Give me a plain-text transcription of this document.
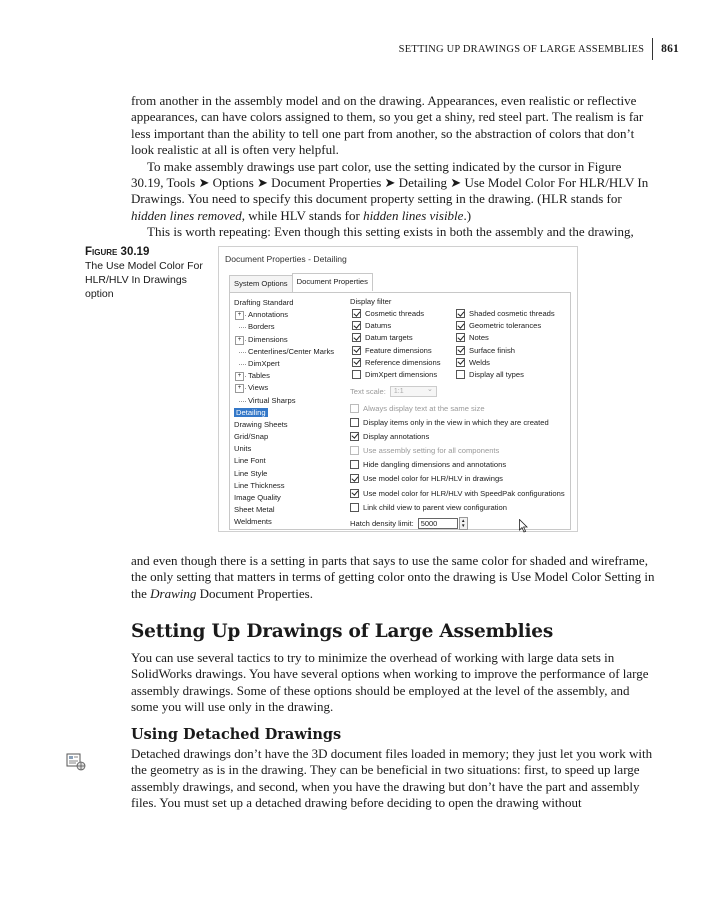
SETTING UP DRAWINGS OF LARGE ASSEMBLIES 861

from another in the assembly model and on the drawing. Appearances, even realistic or reflective appearances, can have colors assigned to them, so you get a shiny, red steel part. The realism is far less important than the ability to tell one part from another, so the abstraction of colors that don’t look realistic at all is often very helpful.

To make assembly drawings use part color, use the setting indicated by the cursor in Figure 30.19, Tools ➤ Options ➤ Document Properties ➤ Detailing ➤ Use Model Color For HLR/HLV In Drawings. You need to specify this document property setting in the drawing. (HLR stands for hidden lines removed, while HLV stands for hidden lines visible.)

This is worth repeating: Even though this setting exists in both the assembly and the drawing,

Figure 30.19
The Use Model Color For HLR/HLV In Drawings option
Document Properties - Detailing
System Options	Document Properties
Drafting Standard
+ Annotations
Borders
+ Dimensions
Centerlines/Center Marks
DimXpert
+ Tables
+ Views
Virtual Sharps
Detailing
Drawing Sheets
Grid/Snap
Units
Line Font
Line Style
Line Thickness
Image Quality
Sheet Metal
Weldments
Display filter
Cosmetic threads	Shaded cosmetic threads
Datums	Geometric tolerances
Datum targets	Notes
Feature dimensions	Surface finish
Reference dimensions	Welds
DimXpert dimensions	Display all types
Text scale:	1:1 ⌄
Always display text at the same size
Display items only in the view in which they are created
Display annotations
Use assembly setting for all components
Hide dangling dimensions and annotations
Use model color for HLR/HLV in drawings
Use model color for HLR/HLV with SpeedPak configurations
Link child view to parent view configuration
Hatch density limit: 5000	▲
▼

and even though there is a setting in parts that says to use the same color for shaded and wireframe, the only setting that matters in terms of getting color onto the drawing is Use Model Color Setting in the Drawing Document Properties.

Setting Up Drawings of Large Assemblies

You can use several tactics to try to minimize the overhead of working with large data sets in SolidWorks drawings. You have several options when working to improve the performance of large assembly drawings. Some of these options should be employed at the level of the assembly, and some you will use only in the drawing.

Using Detached Drawings

Detached drawings don’t have the 3D document files loaded in memory; they just let you work with the geometry as is in the drawing. They can be beneficial in two situations: first, to speed up large assembly drawings, and second, when you have the drawing but don’t have the part and assembly files. You must set up a detached drawing before deciding to open the drawing without
